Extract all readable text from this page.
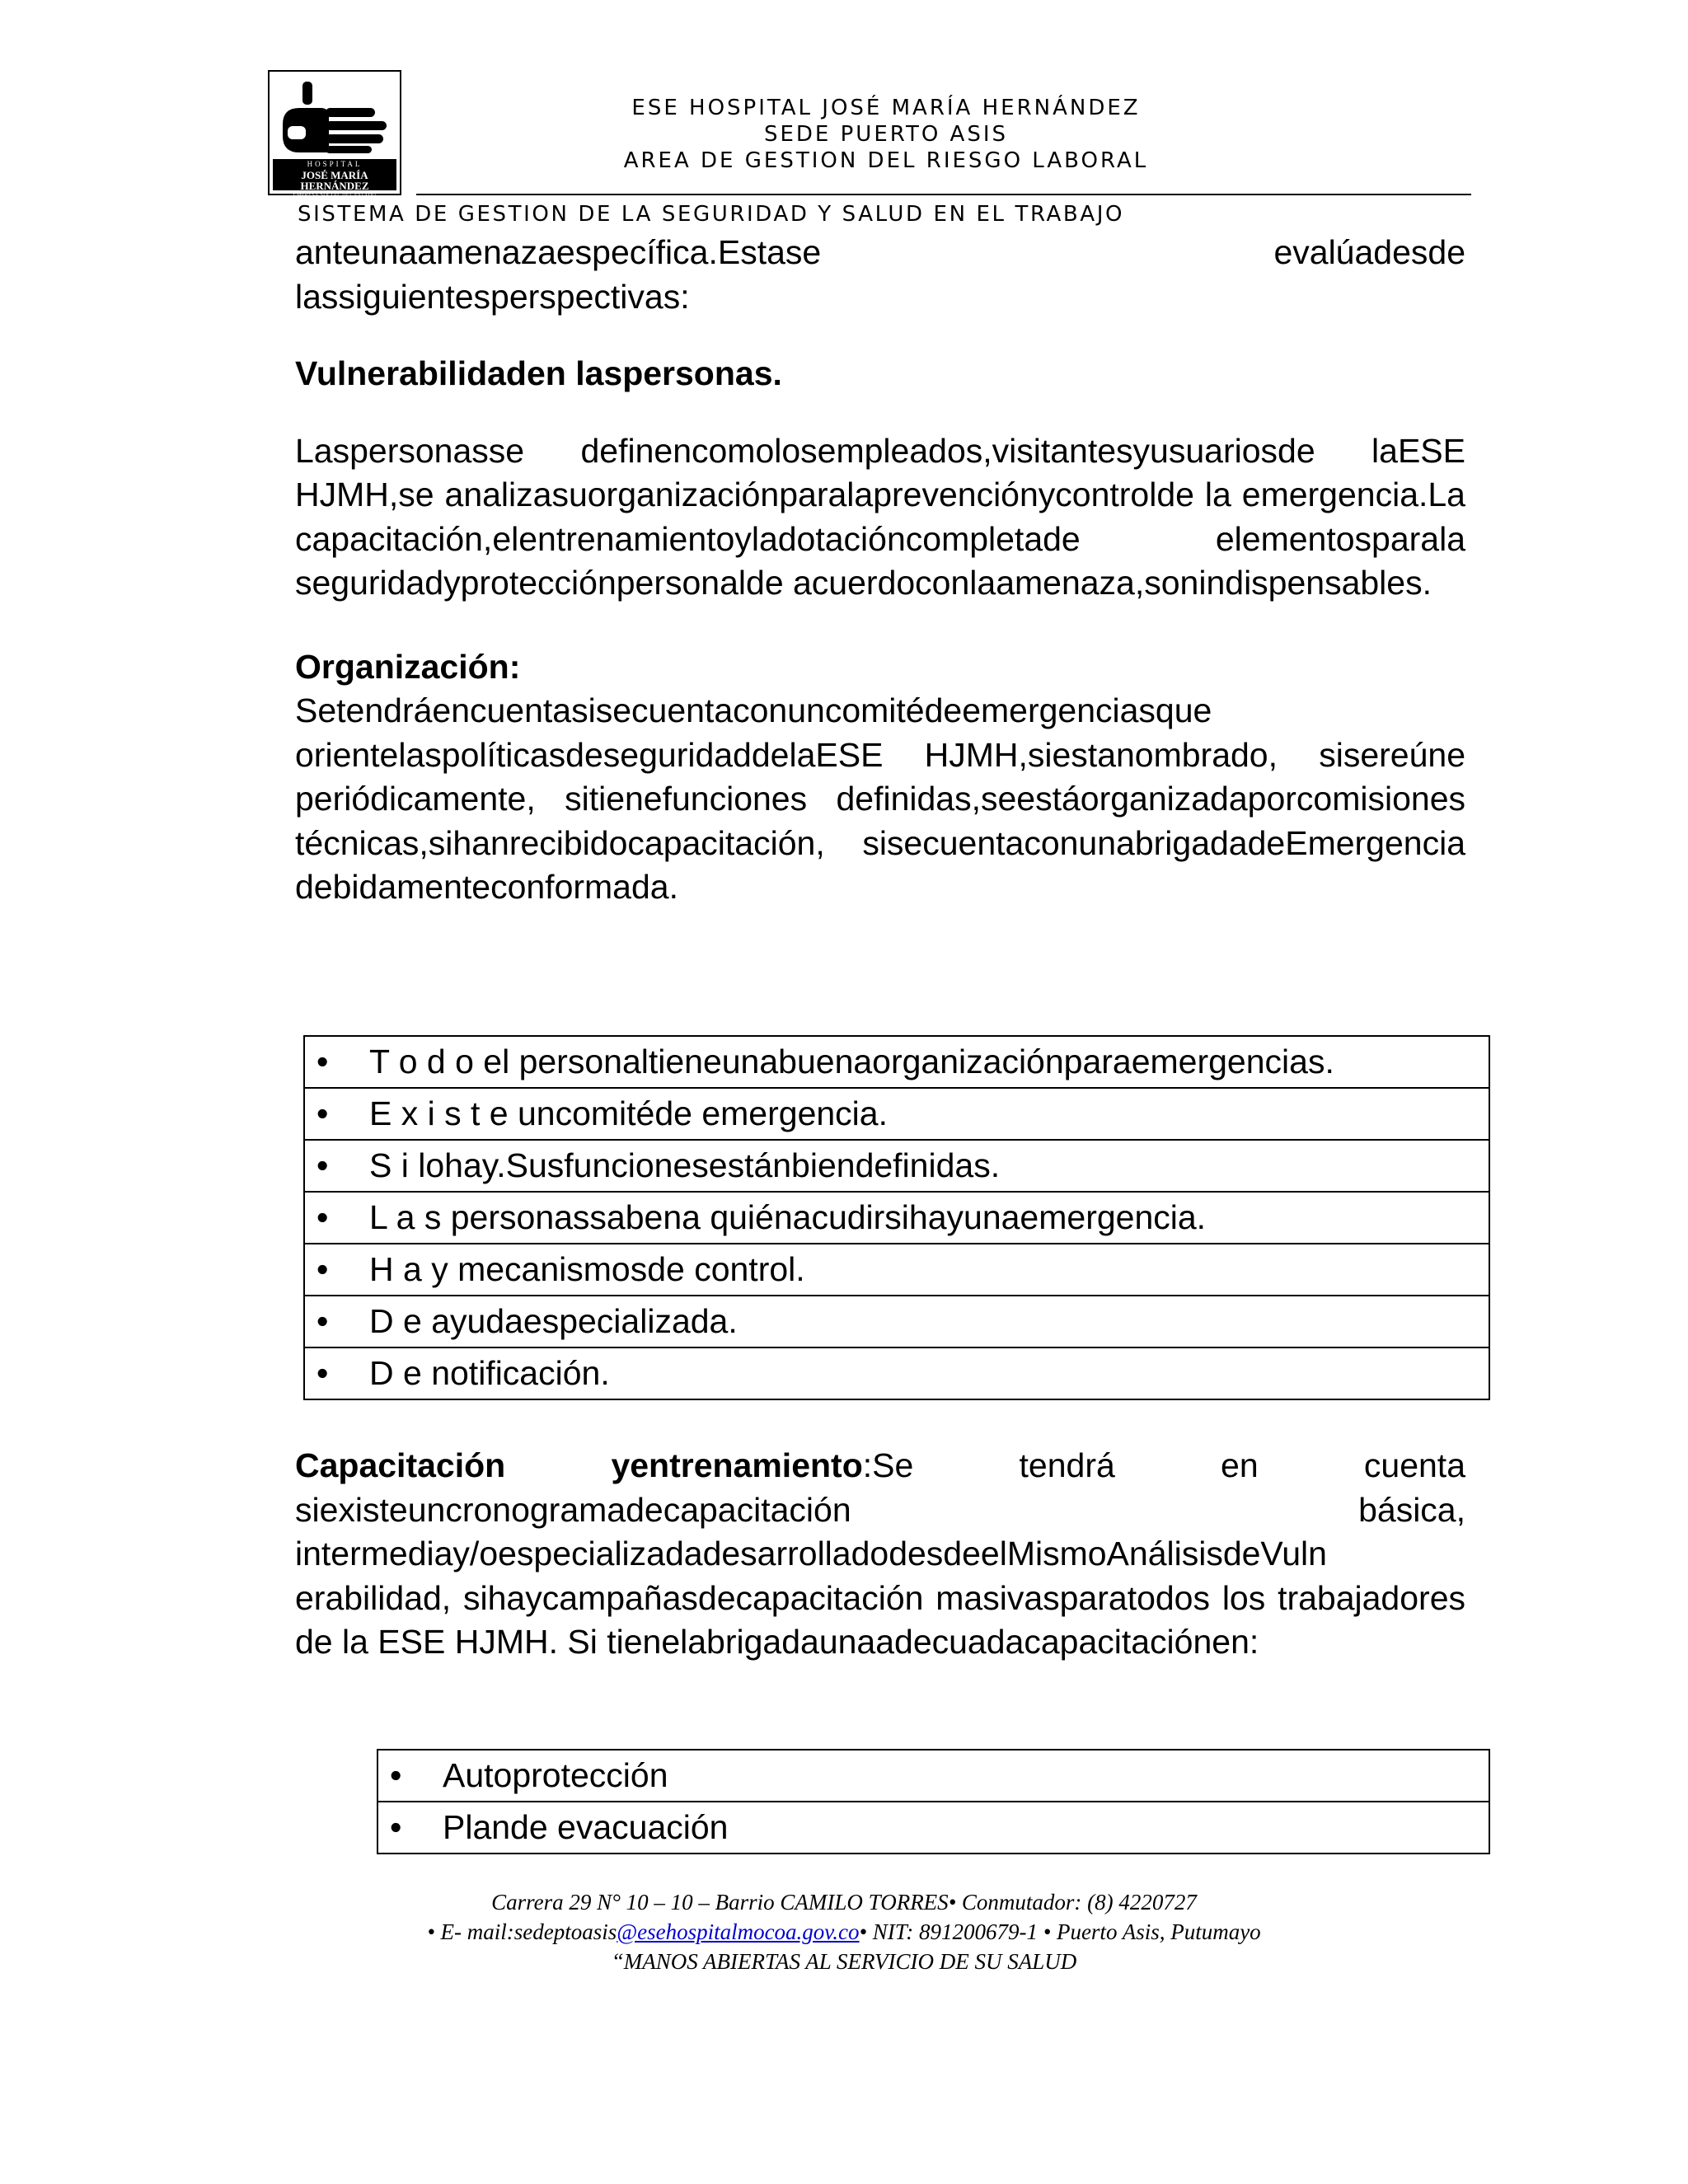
HOSPITAL
JOSÉ MARÍA HERNÁNDEZ
EMPRESA SOCIAL DEL ESTADO
ESE HOSPITAL JOSÉ MARÍA HERNÁNDEZ
SEDE PUERTO ASIS
AREA DE GESTION DEL RIESGO LABORAL
SISTEMA DE GESTION DE LA SEGURIDAD Y SALUD EN EL TRABAJO

anteunaamenazaespecífica.Estase evalúadesde

lassiguientesperspectivas:

Vulnerabilidaden laspersonas.

Laspersonasse definencomolosempleados,visitantesyusuariosde laESE HJMH,se analizasuorganizaciónparalaprevenciónycontrolde la emergencia.La capacitación,elentrenamientoyladotacióncompletade elementosparala seguridadyprotecciónpersonalde acuerdoconlaamenaza,sonindispensables.

Organización:

Setendráencuentasisecuentaconuncomitédeemergenciasque orientelaspolíticasdeseguridaddelaESE HJMH,siestanombrado, sisereúne periódicamente, sitienefunciones definidas,seestáorganizadaporcomisiones técnicas,sihanrecibidocapacitación, sisecuentaconunabrigadadeEmergencia debidamenteconformada.

• T o d o el personaltieneunabuenaorganizaciónparaemergencias.
• E x i s t e uncomitéde emergencia.
• S i lohay.Susfuncionesestánbiendefinidas.
• L a s personassabena quiénacudirsihayunaemergencia.
• H a y mecanismosde control.
• D e ayudaespecializada.
• D e notificación.

Capacitación yentrenamiento:Se tendrá en cuenta siexisteuncronogramadecapacitación básica, intermediay/oespecializadadesarrolladodesdeelMismoAnálisisdeVuln erabilidad, sihaycampañasdecapacitación masivasparatodos los trabajadores de la ESE HJMH. Si tienelabrigadaunaadecuadacapacitaciónen:

• Autoprotección
• Plande evacuación
Carrera 29 N° 10 – 10 – Barrio CAMILO TORRES• Conmutador: (8) 4220727
• E- mail:sedeptoasis@esehospitalmocoa.gov.co• NIT: 891200679-1 • Puerto Asis, Putumayo
“MANOS ABIERTAS AL SERVICIO DE SU SALUD
